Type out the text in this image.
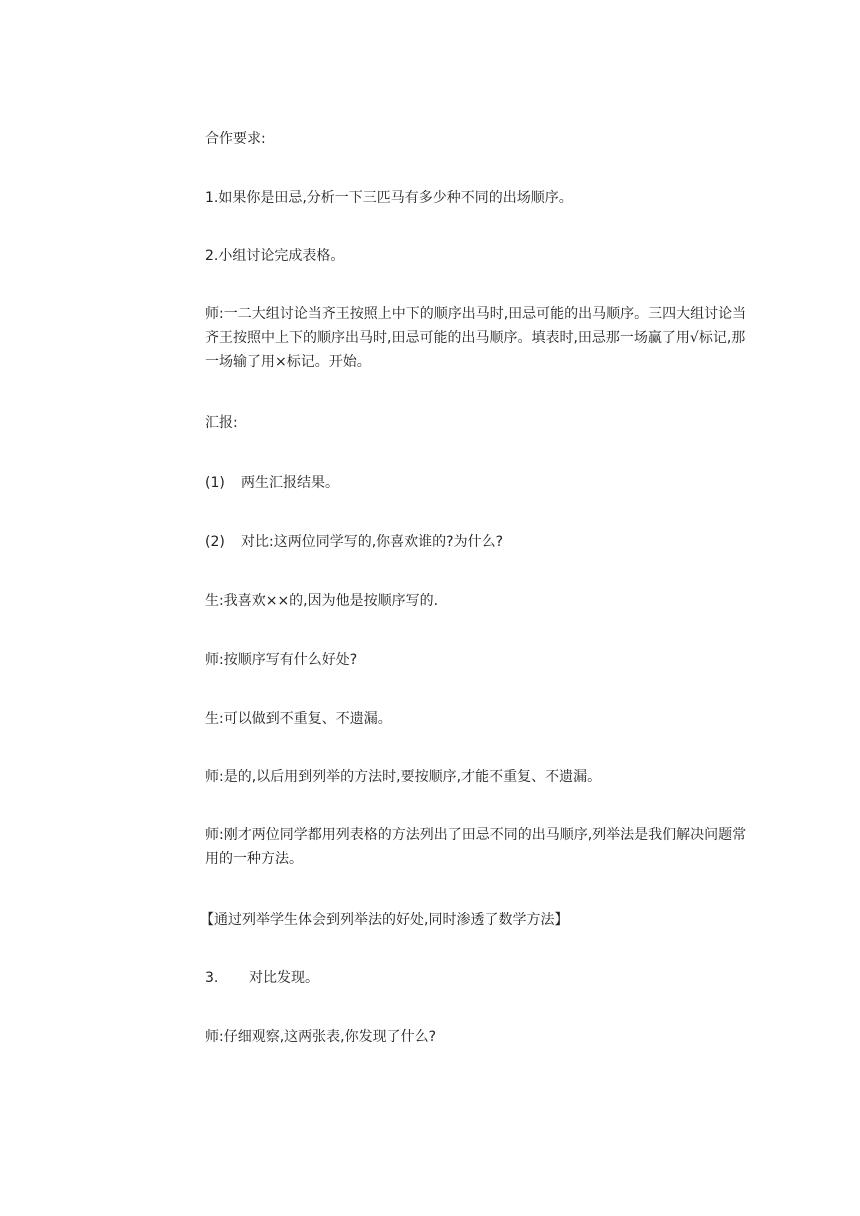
合作要求:

1.如果你是田忌,分析一下三匹马有多少种不同的出场顺序。

2.小组讨论完成表格。

师:一二大组讨论当齐王按照上中下的顺序出马时,田忌可能的出马顺序。三四大组讨论当齐王按照中上下的顺序出马时,田忌可能的出马顺序。填表时,田忌那一场赢了用√标记,那一场输了用×标记。开始。

汇报:

(1) 两生汇报结果。

(2) 对比:这两位同学写的,你喜欢谁的?为什么?

生:我喜欢××的,因为他是按顺序写的.

师:按顺序写有什么好处?

生:可以做到不重复、不遗漏。

师:是的,以后用到列举的方法时,要按顺序,才能不重复、不遗漏。

师:刚才两位同学都用列表格的方法列出了田忌不同的出马顺序,列举法是我们解决问题常用的一种方法。

【通过列举学生体会到列举法的好处,同时渗透了数学方法】

3. 对比发现。

师:仔细观察,这两张表,你发现了什么?
